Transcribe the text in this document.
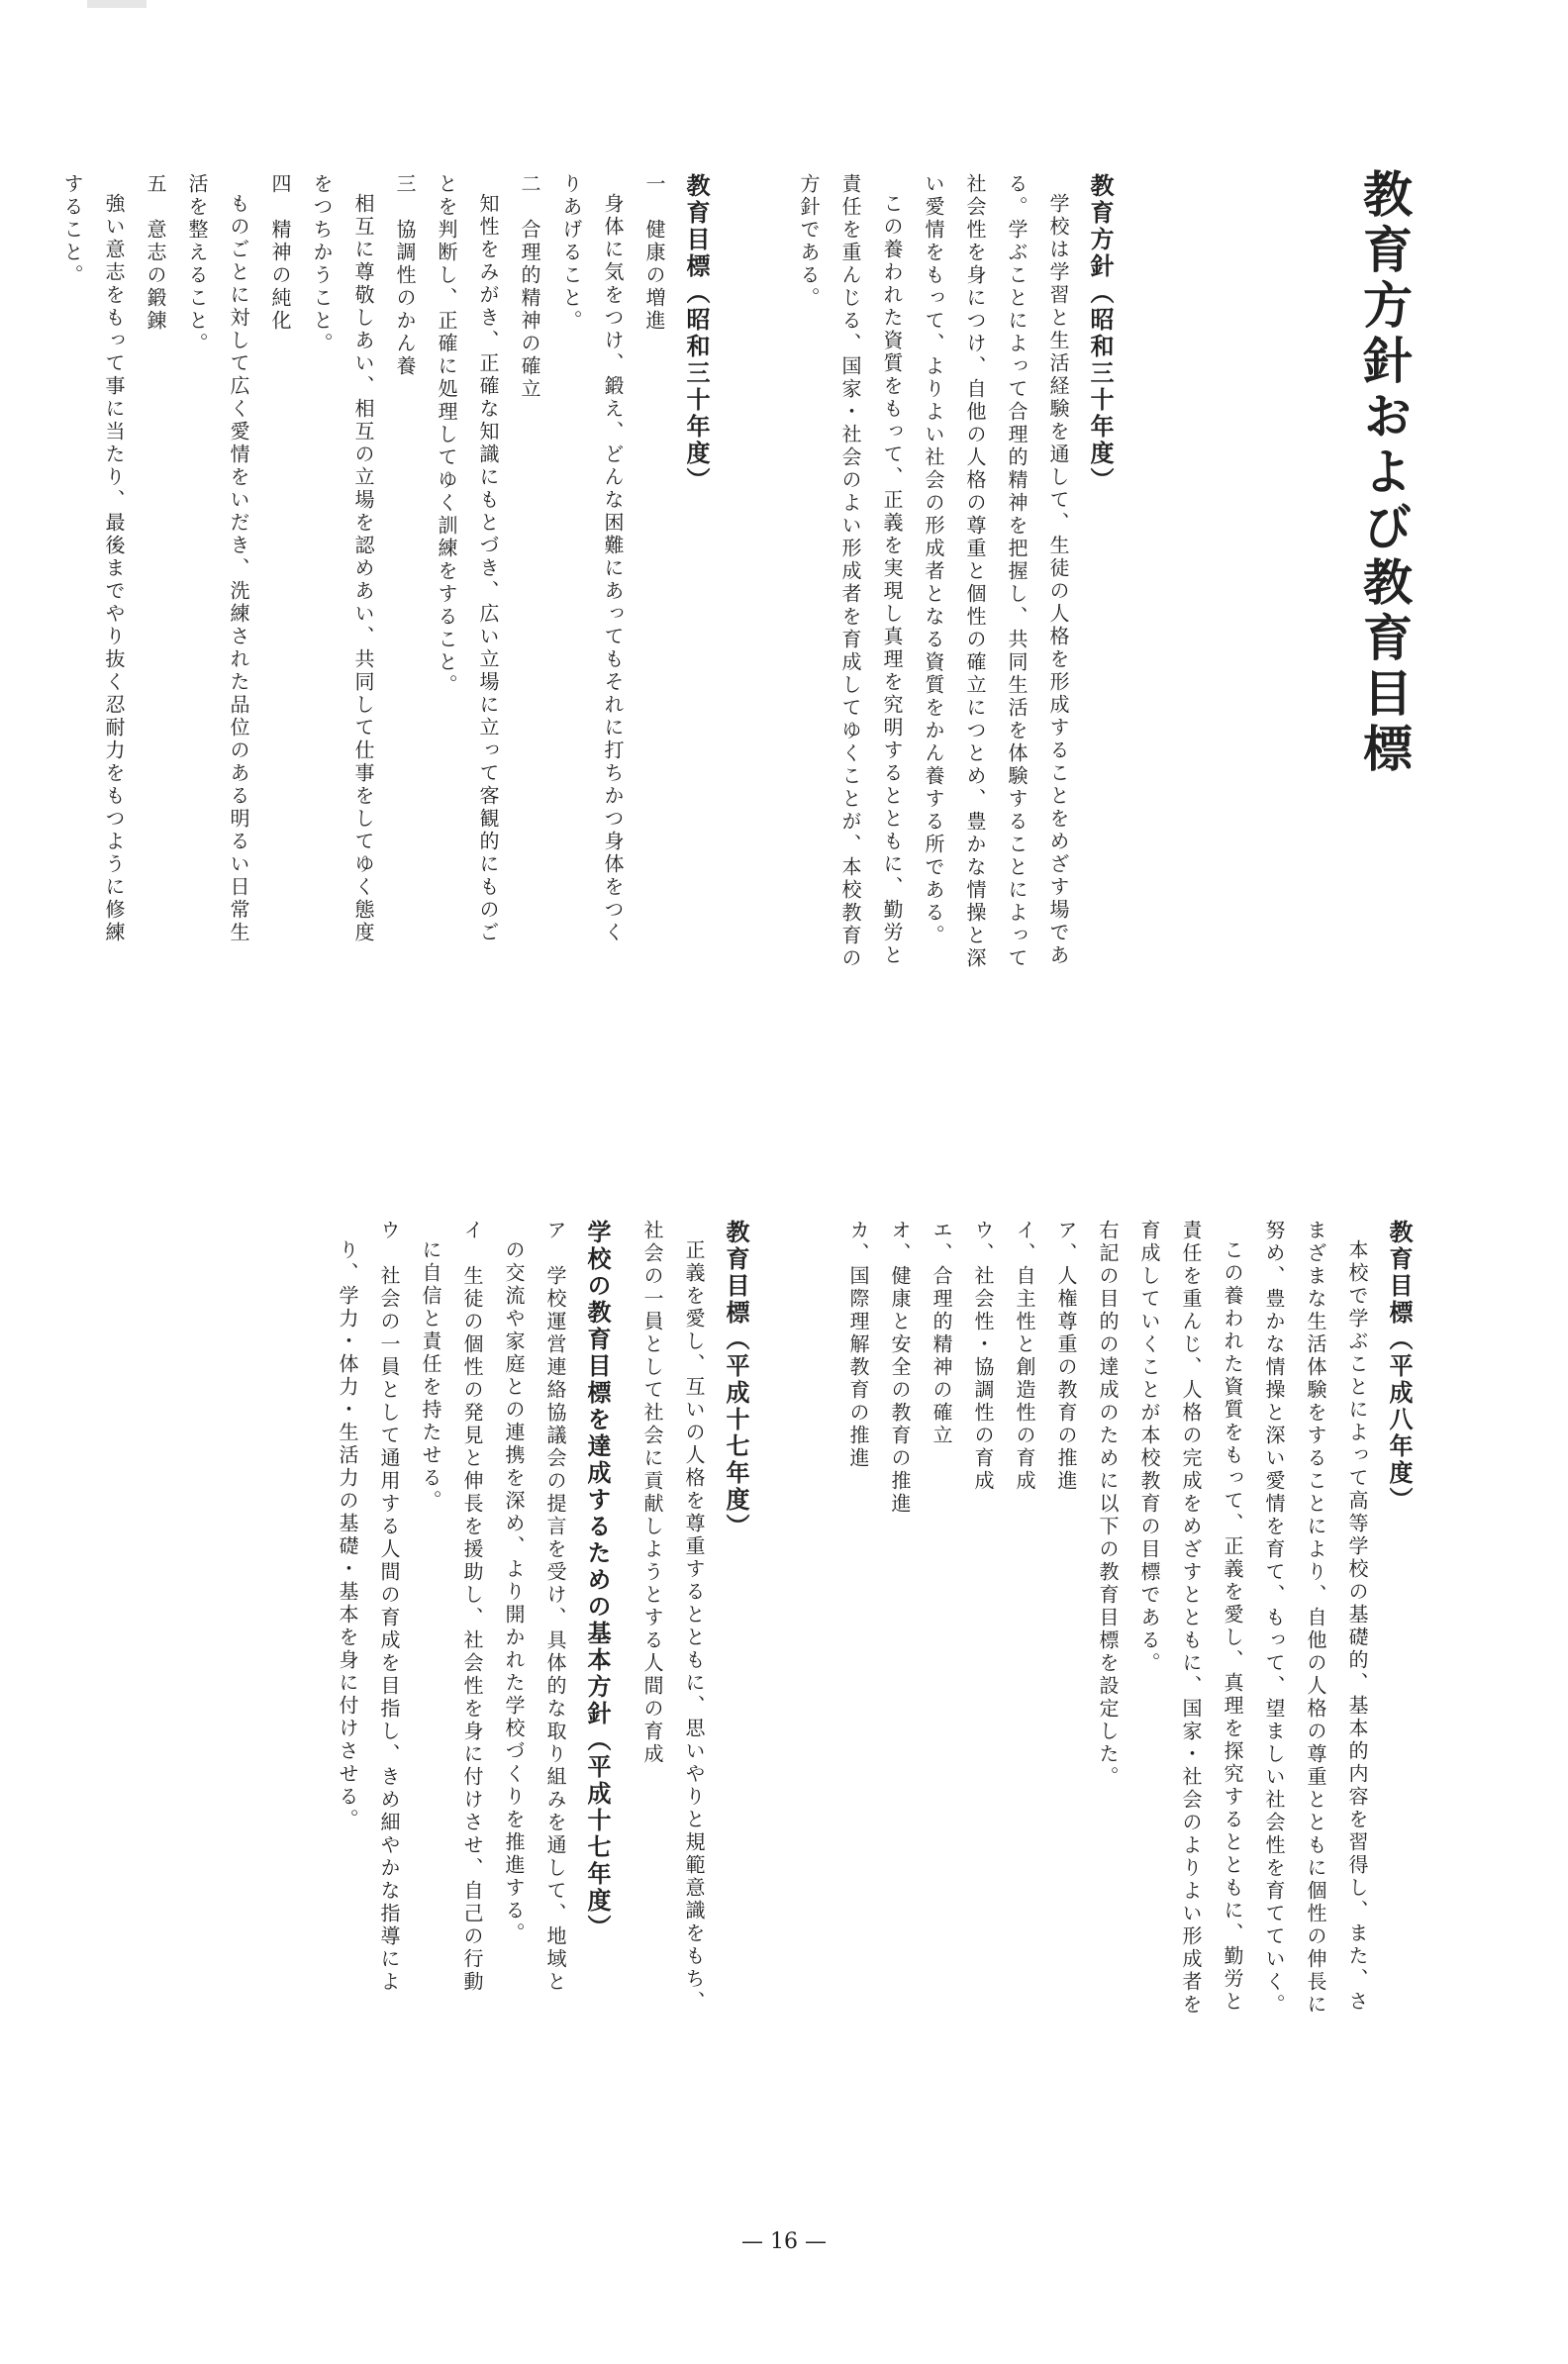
教育方針および教育目標
教育方針（昭和三十年度）
学校は学習と生活経験を通して、生徒の人格を形成することをめざす場であ
る。学ぶことによって合理的精神を把握し、共同生活を体験することによって
社会性を身につけ、自他の人格の尊重と個性の確立につとめ、豊かな情操と深
い愛情をもって、よりよい社会の形成者となる資質をかん養する所である。
この養われた資質をもって、正義を実現し真理を究明するとともに、勤労と
責任を重んじる、国家・社会のよい形成者を育成してゆくことが、本校教育の
方針である。
教育目標（昭和三十年度）
一　健康の増進
身体に気をつけ、鍛え、どんな困難にあってもそれに打ちかつ身体をつく
りあげること。
二　合理的精神の確立
知性をみがき、正確な知識にもとづき、広い立場に立って客観的にものご
とを判断し、正確に処理してゆく訓練をすること。
三　協調性のかん養
相互に尊敬しあい、相互の立場を認めあい、共同して仕事をしてゆく態度
をつちかうこと。
四　精神の純化
ものごとに対して広く愛情をいだき、洗練された品位のある明るい日常生
活を整えること。
五　意志の鍛錬
強い意志をもって事に当たり、最後までやり抜く忍耐力をもつように修練
すること。
教育目標（平成八年度）
本校で学ぶことによって高等学校の基礎的、基本的内容を習得し、また、さ
まざまな生活体験をすることにより、自他の人格の尊重とともに個性の伸長に
努め、豊かな情操と深い愛情を育て、もって、望ましい社会性を育てていく。
この養われた資質をもって、正義を愛し、真理を探究するとともに、勤労と
責任を重んじ、人格の完成をめざすとともに、国家・社会のよりよい形成者を
育成していくことが本校教育の目標である。
右記の目的の達成のために以下の教育目標を設定した。
ア、人権尊重の教育の推進
イ、自主性と創造性の育成
ウ、社会性・協調性の育成
エ、合理的精神の確立
オ、健康と安全の教育の推進
カ、国際理解教育の推進
教育目標（平成十七年度）
正義を愛し、互いの人格を尊重するとともに、思いやりと規範意識をもち、
社会の一員として社会に貢献しようとする人間の育成
学校の教育目標を達成するための基本方針（平成十七年度）
ア　学校運営連絡協議会の提言を受け、具体的な取り組みを通して、地域と
の交流や家庭との連携を深め、より開かれた学校づくりを推進する。
イ　生徒の個性の発見と伸長を援助し、社会性を身に付けさせ、自己の行動
に自信と責任を持たせる。
ウ　社会の一員として通用する人間の育成を目指し、きめ細やかな指導によ
り、学力・体力・生活力の基礎・基本を身に付けさせる。
— 16 —
